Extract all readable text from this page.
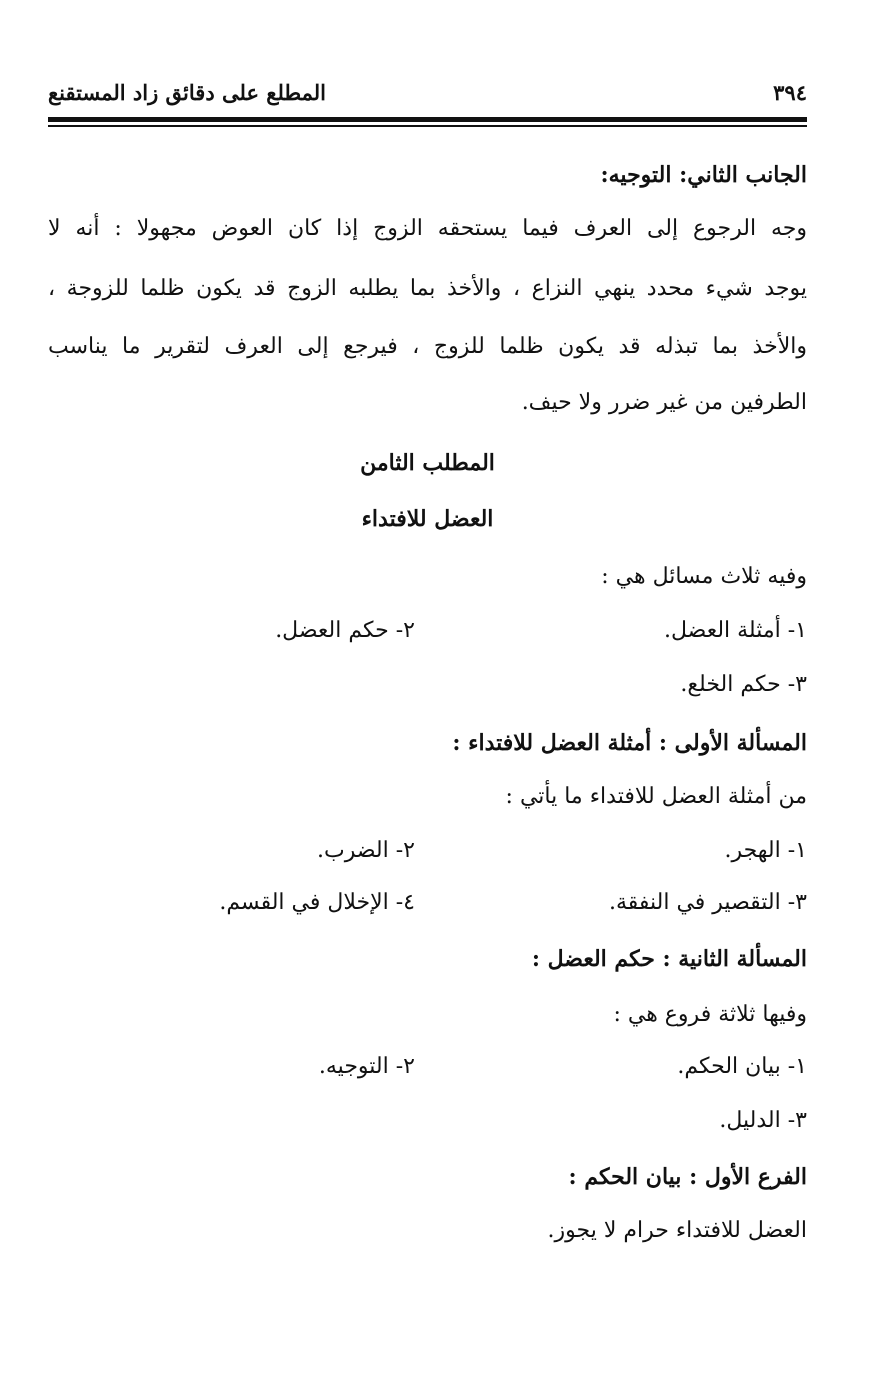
٣٩٤
المطلع على دقائق زاد المستقنع
الجانب الثاني: التوجيه:
وجه الرجوع إلى العرف فيما يستحقه الزوج إذا كان العوض مجهولا : أنه لا
يوجد شيء محدد ينهي النزاع ، والأخذ بما يطلبه الزوج قد يكون ظلما للزوجة ،
والأخذ بما تبذله قد يكون ظلما للزوج ، فيرجع إلى العرف لتقرير ما يناسب
الطرفين من غير ضرر ولا حيف.
المطلب الثامن
العضل للافتداء
وفيه ثلاث مسائل هي :
١- أمثلة العضل.
٢- حكم العضل.
٣- حكم الخلع.
المسألة الأولى : أمثلة العضل للافتداء :
من أمثلة العضل للافتداء ما يأتي :
١- الهجر.
٢- الضرب.
٣- التقصير في النفقة.
٤- الإخلال في القسم.
المسألة الثانية : حكم العضل :
وفيها ثلاثة فروع هي :
١- بيان الحكم.
٢- التوجيه.
٣- الدليل.
الفرع الأول : بيان الحكم :
العضل للافتداء حرام لا يجوز.
